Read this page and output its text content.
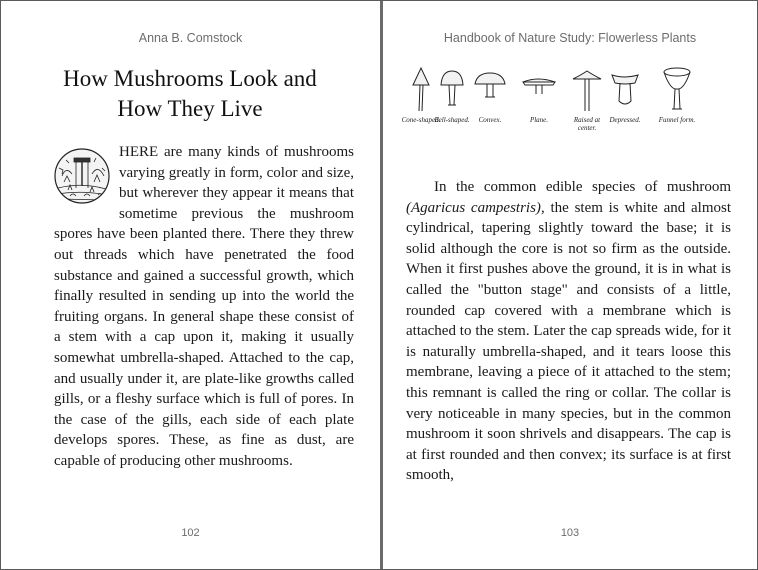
Anna B. Comstock
How Mushrooms Look and
How They Live

HERE are many kinds of mushrooms varying greatly in form, color and size, but wherever they appear it means that sometime previous the mushroom spores have been planted there. There they threw out threads which have penetrated the food substance and gained a successful growth, which finally resulted in sending up into the world the fruiting organs. In general shape these consist of a stem with a cap upon it, making it usually somewhat umbrella-shaped. Attached to the cap, and usually under it, are plate-like growths called gills, or a fleshy surface which is full of pores. In the case of the gills, each side of each plate develops spores. These, as fine as dust, are capable of producing other mushrooms.

102
Handbook of Nature Study: Flowerless Plants
Cone-shaped.
Bell-shaped.	Convex.	Plane.	Raised at center.
Depressed.	Funnel form.

In the common edible species of mushroom (Agaricus campestris), the stem is white and almost cylindrical, tapering slightly toward the base; it is solid although the core is not so firm as the outside. When it first pushes above the ground, it is in what is called the "button stage" and consists of a little, rounded cap covered with a membrane which is attached to the stem. Later the cap spreads wide, for it is naturally umbrella-shaped, and it tears loose this membrane, leaving a piece of it attached to the stem; this remnant is called the ring or collar. The collar is very noticeable in many species, but in the common mushroom it soon shrivels and disappears. The cap is at first rounded and then convex; its surface is at first smooth,

103
